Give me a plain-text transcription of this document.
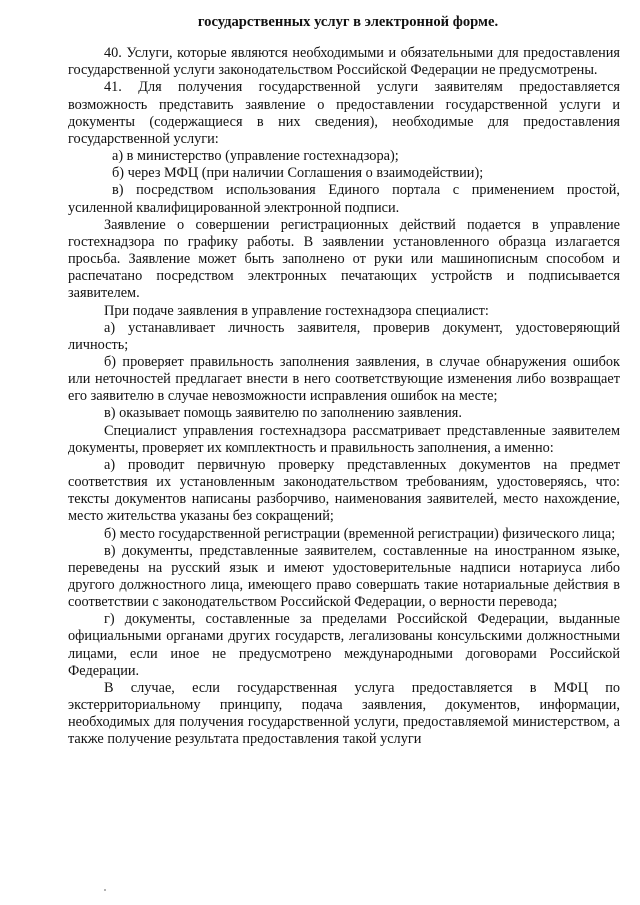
государственных услуг в электронной форме.

40. Услуги, которые являются необходимыми и обязательными для предоставления государственной услуги законодательством Российской Федерации не предусмотрены.

41. Для получения государственной услуги заявителям предоставляется возможность представить заявление о предоставлении государственной услуги и документы (содержащиеся в них сведения), необходимые для предоставления государственной услуги:

а) в министерство (управление гостехнадзора);

б) через МФЦ (при наличии Соглашения о взаимодействии);

в) посредством использования Единого портала с применением простой, усиленной квалифицированной электронной подписи.

Заявление о совершении регистрационных действий подается в управление гостехнадзора по графику работы. В заявлении установленного образца излагается просьба. Заявление может быть заполнено от руки или машинописным способом и распечатано посредством электронных печатающих устройств и подписывается заявителем.

При подаче заявления в управление гостехнадзора специалист:

а) устанавливает личность заявителя, проверив документ, удостоверяющий личность;

б) проверяет правильность заполнения заявления, в случае обнаружения ошибок или неточностей предлагает внести в него соответствующие изменения либо возвращает его заявителю в случае невозможности исправления ошибок на месте;

в) оказывает помощь заявителю по заполнению заявления.

Специалист управления гостехнадзора рассматривает представленные заявителем документы, проверяет их комплектность и правильность заполнения, а именно:

а) проводит первичную проверку представленных документов на предмет соответствия их установленным законодательством требованиям, удостоверяясь, что: тексты документов написаны разборчиво, наименования заявителей, место нахождение, место жительства указаны без сокращений;

б) место государственной регистрации (временной регистрации) физического лица;

в) документы, представленные заявителем, составленные на иностранном языке, переведены на русский язык и имеют удостоверительные надписи нотариуса либо другого должностного лица, имеющего право совершать такие нотариальные действия в соответствии с законодательством Российской Федерации, о верности перевода;

г) документы, составленные за пределами Российской Федерации, выданные официальными органами других государств, легализованы консульскими должностными лицами, если иное не предусмотрено международными договорами Российской Федерации.

В случае, если государственная услуга предоставляется в МФЦ по экстерриториальному принципу, подача заявления, документов, информации, необходимых для получения государственной услуги, предоставляемой министерством, а также получение результата предоставления такой услуги
